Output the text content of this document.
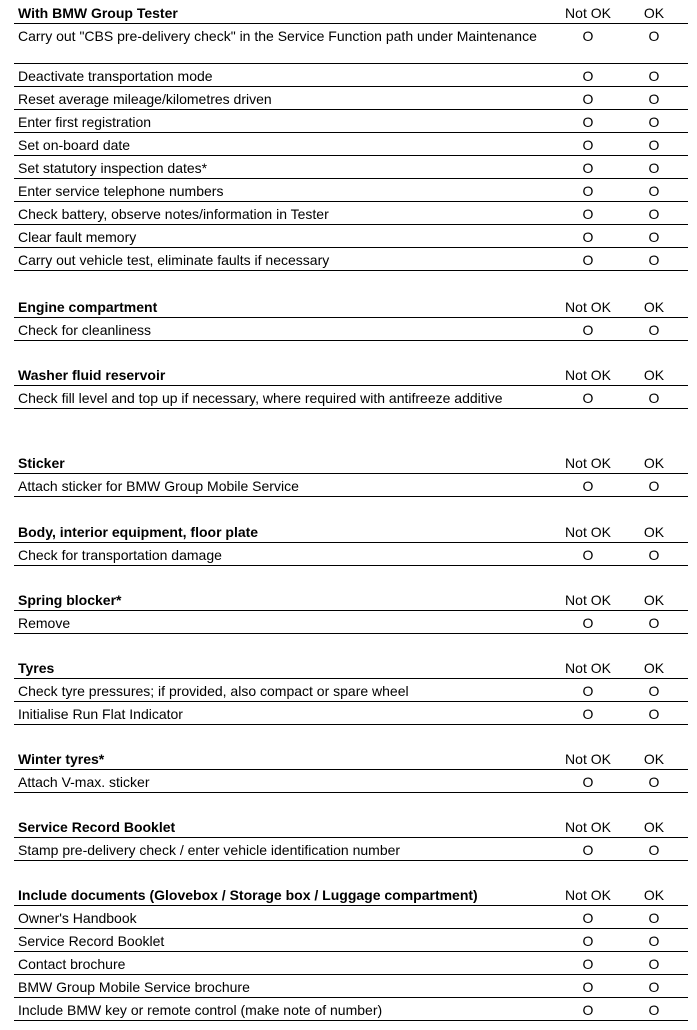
With BMW Group Tester	Not OK	OK
Carry out "CBS pre-delivery check" in the Service Function path under Maintenance	O	O
Deactivate transportation mode	O	O
Reset average mileage/kilometres driven	O	O
Enter first registration	O	O
Set on-board date	O	O
Set statutory inspection dates*	O	O
Enter service telephone numbers	O	O
Check battery, observe notes/information in Tester	O	O
Clear fault memory	O	O
Carry out vehicle test, eliminate faults if necessary	O	O
Engine compartment	Not OK	OK
Check for cleanliness	O	O
Washer fluid reservoir	Not OK	OK
Check fill level and top up if necessary, where required with antifreeze additive	O	O
Sticker	Not OK	OK
Attach sticker for BMW Group Mobile Service	O	O
Body, interior equipment, floor plate	Not OK	OK
Check for transportation damage	O	O
Spring blocker*	Not OK	OK
Remove	O	O
Tyres	Not OK	OK
Check tyre pressures; if provided, also compact or spare wheel	O	O
Initialise Run Flat Indicator	O	O
Winter tyres*	Not OK	OK
Attach V-max. sticker	O	O
Service Record Booklet	Not OK	OK
Stamp pre-delivery check / enter vehicle identification number	O	O
Include documents (Glovebox / Storage box / Luggage compartment)	Not OK	OK
Owner's Handbook	O	O
Service Record Booklet	O	O
Contact brochure	O	O
BMW Group Mobile Service brochure	O	O
Include BMW key or remote control (make note of number)	O	O
